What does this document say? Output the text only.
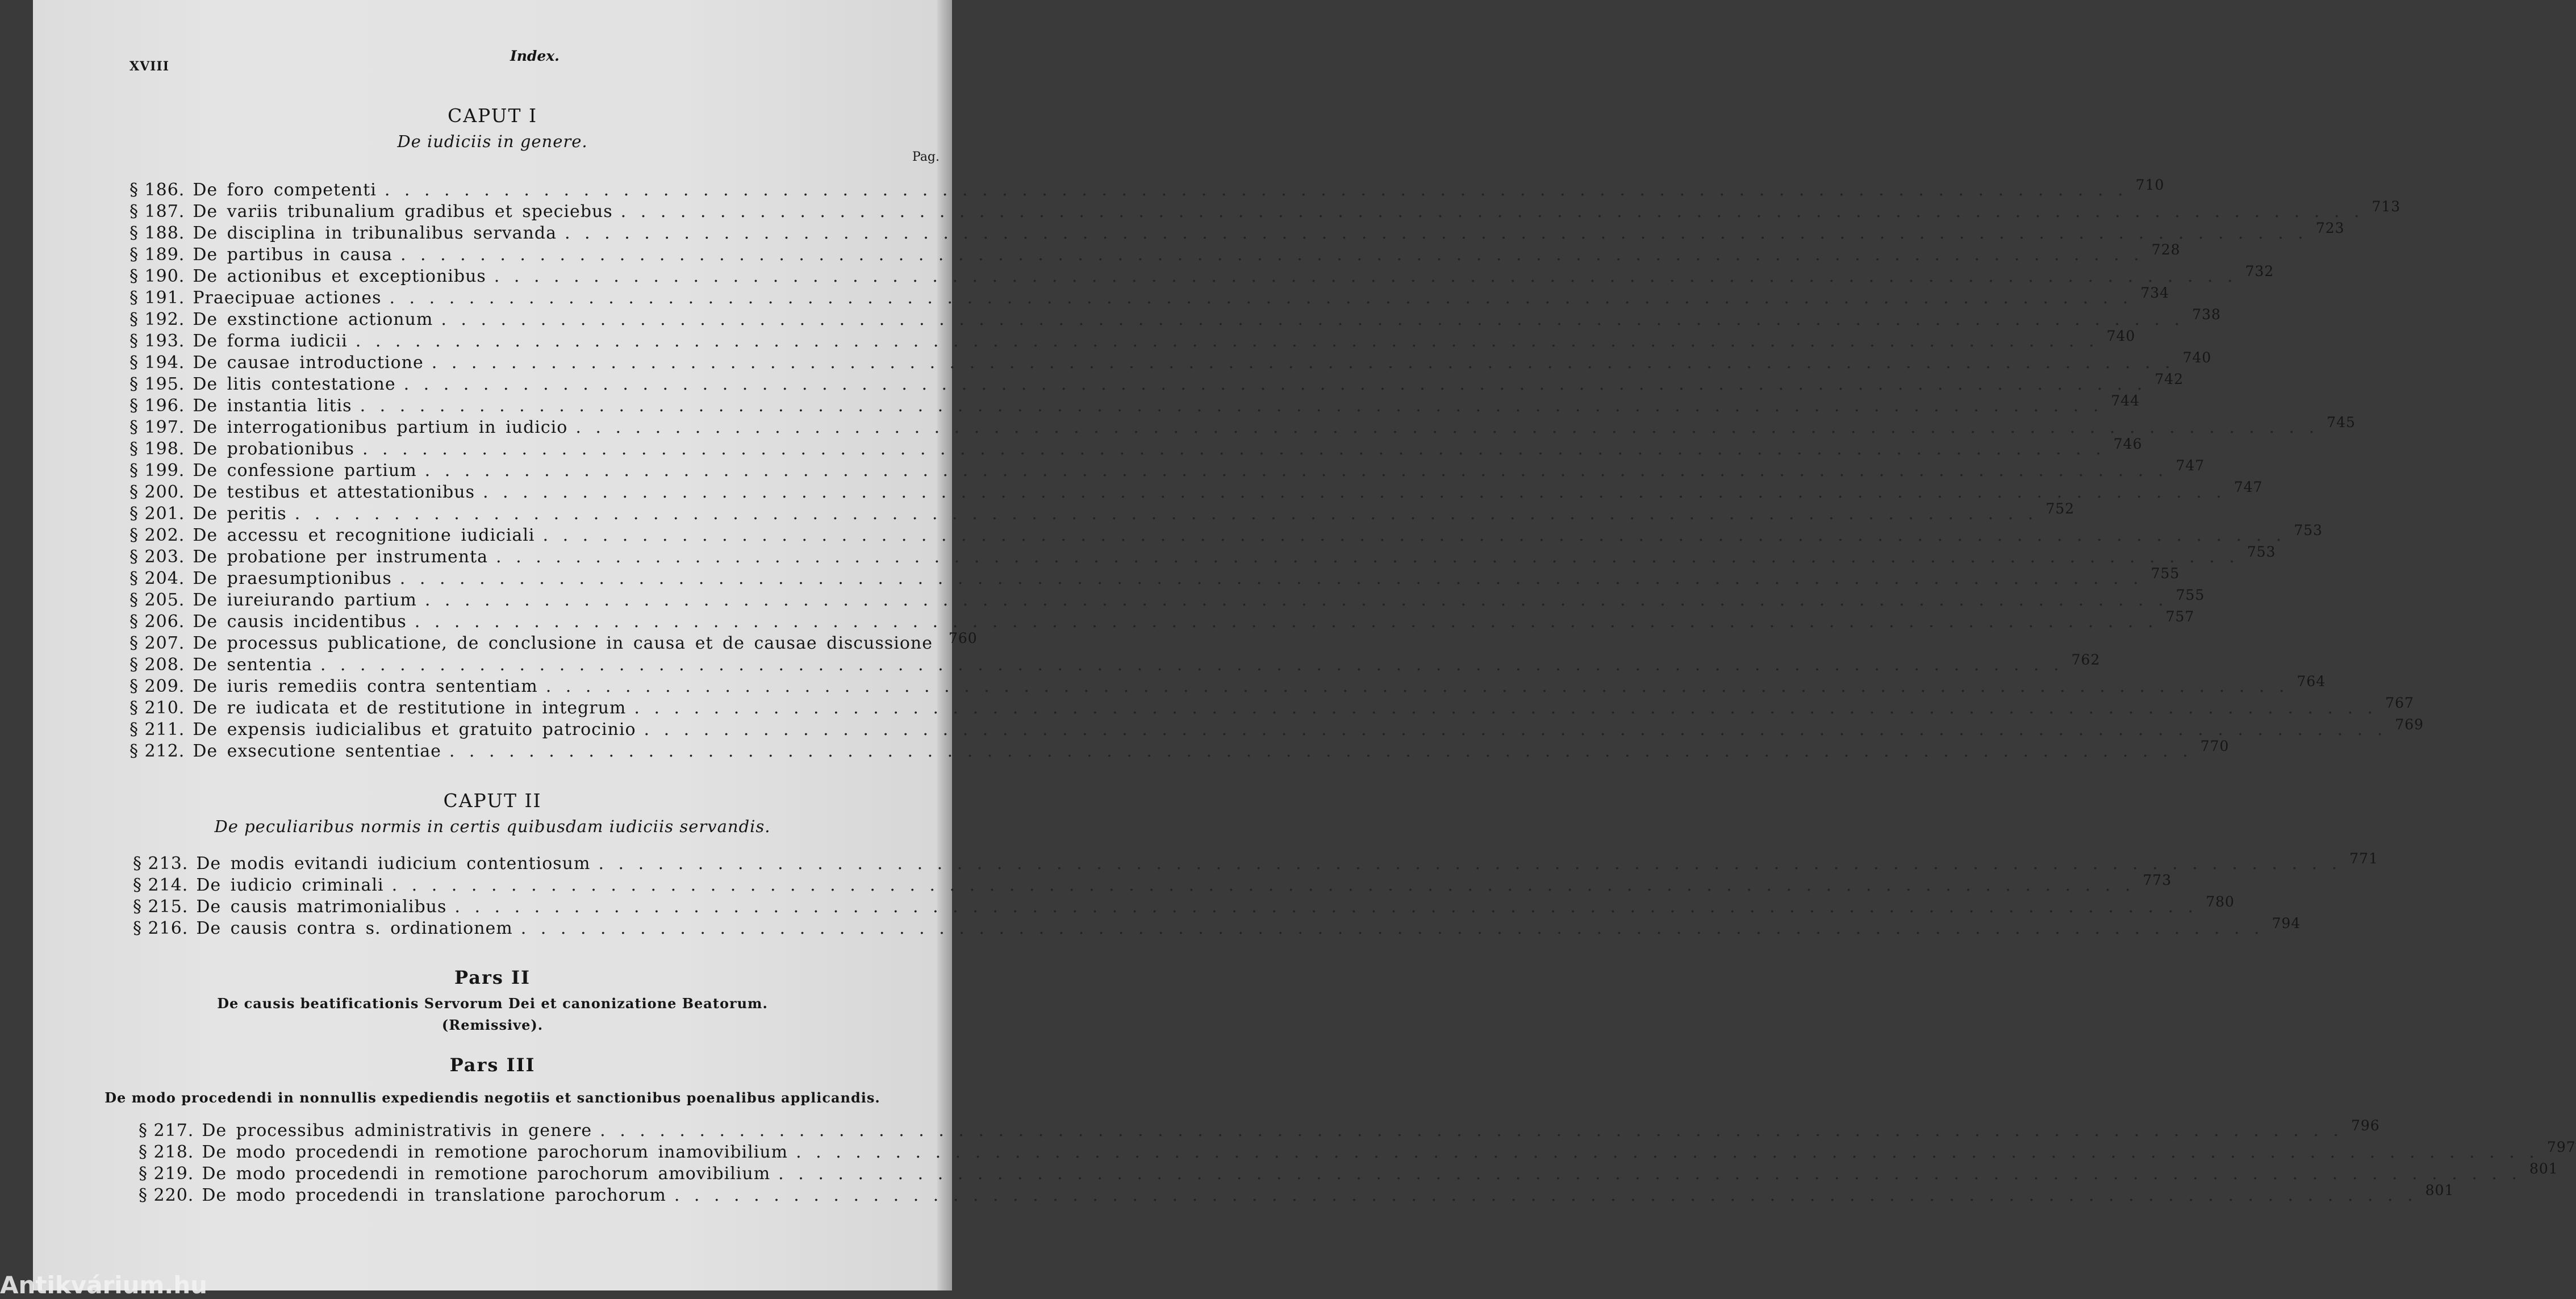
XVIII
Index.
CAPUT I
De iudiciis in genere.
Pag.
§ 186. De foro competenti . . .	710
§ 187. De variis tribunalium gradibus et speciebus . . .	713
§ 188. De disciplina in tribunalibus servanda . . .	723
§ 189. De partibus in causa . . .	728
§ 190. De actionibus et exceptionibus . . .	732
§ 191. Praecipuae actiones . . .	734
§ 192. De exstinctione actionum . . .	738
§ 193. De forma iudicii . . .	740
§ 194. De causae introductione . . .	740
§ 195. De litis contestatione . . .	742
§ 196. De instantia litis . . .	744
§ 197. De interrogationibus partium in iudicio . . .	745
§ 198. De probationibus . . .	746
§ 199. De confessione partium . . .	747
§ 200. De testibus et attestationibus . . .	747
§ 201. De peritis . . .	752
§ 202. De accessu et recognitione iudiciali . . .	753
§ 203. De probatione per instrumenta . . .	753
§ 204. De praesumptionibus . . .	755
§ 205. De iureiurando partium . . .	755
§ 206. De causis incidentibus . . .	757
§ 207. De processus publicatione, de conclusione in causa et de causae discussione 760
§ 208. De sententia . . .	762
§ 209. De iuris remediis contra sententiam . . .	764
§ 210. De re iudicata et de restitutione in integrum . . .	767
§ 211. De expensis iudicialibus et gratuito patrocinio . . .	769
§ 212. De exsecutione sententiae . . .	770
CAPUT II
De peculiaribus normis in certis quibusdam iudiciis servandis.
§ 213. De modis evitandi iudicium contentiosum . . .	771
§ 214. De iudicio criminali . . .	773
§ 215. De causis matrimonialibus . . .	780
§ 216. De causis contra s. ordinationem . . .	794
Pars II
De causis beatificationis Servorum Dei et canonizatione Beatorum.
(Remissive).
Pars III
De modo procedendi in nonnullis expediendis negotiis et sanctionibus poenalibus applicandis.
§ 217. De processibus administrativis in genere . . .	796
§ 218. De modo procedendi in remotione parochorum inamovibilium . . .	797
§ 219. De modo procedendi in remotione parochorum amovibilium . . .	801
§ 220. De modo procedendi in translatione parochorum . . .	801
Antikvárium.hu
